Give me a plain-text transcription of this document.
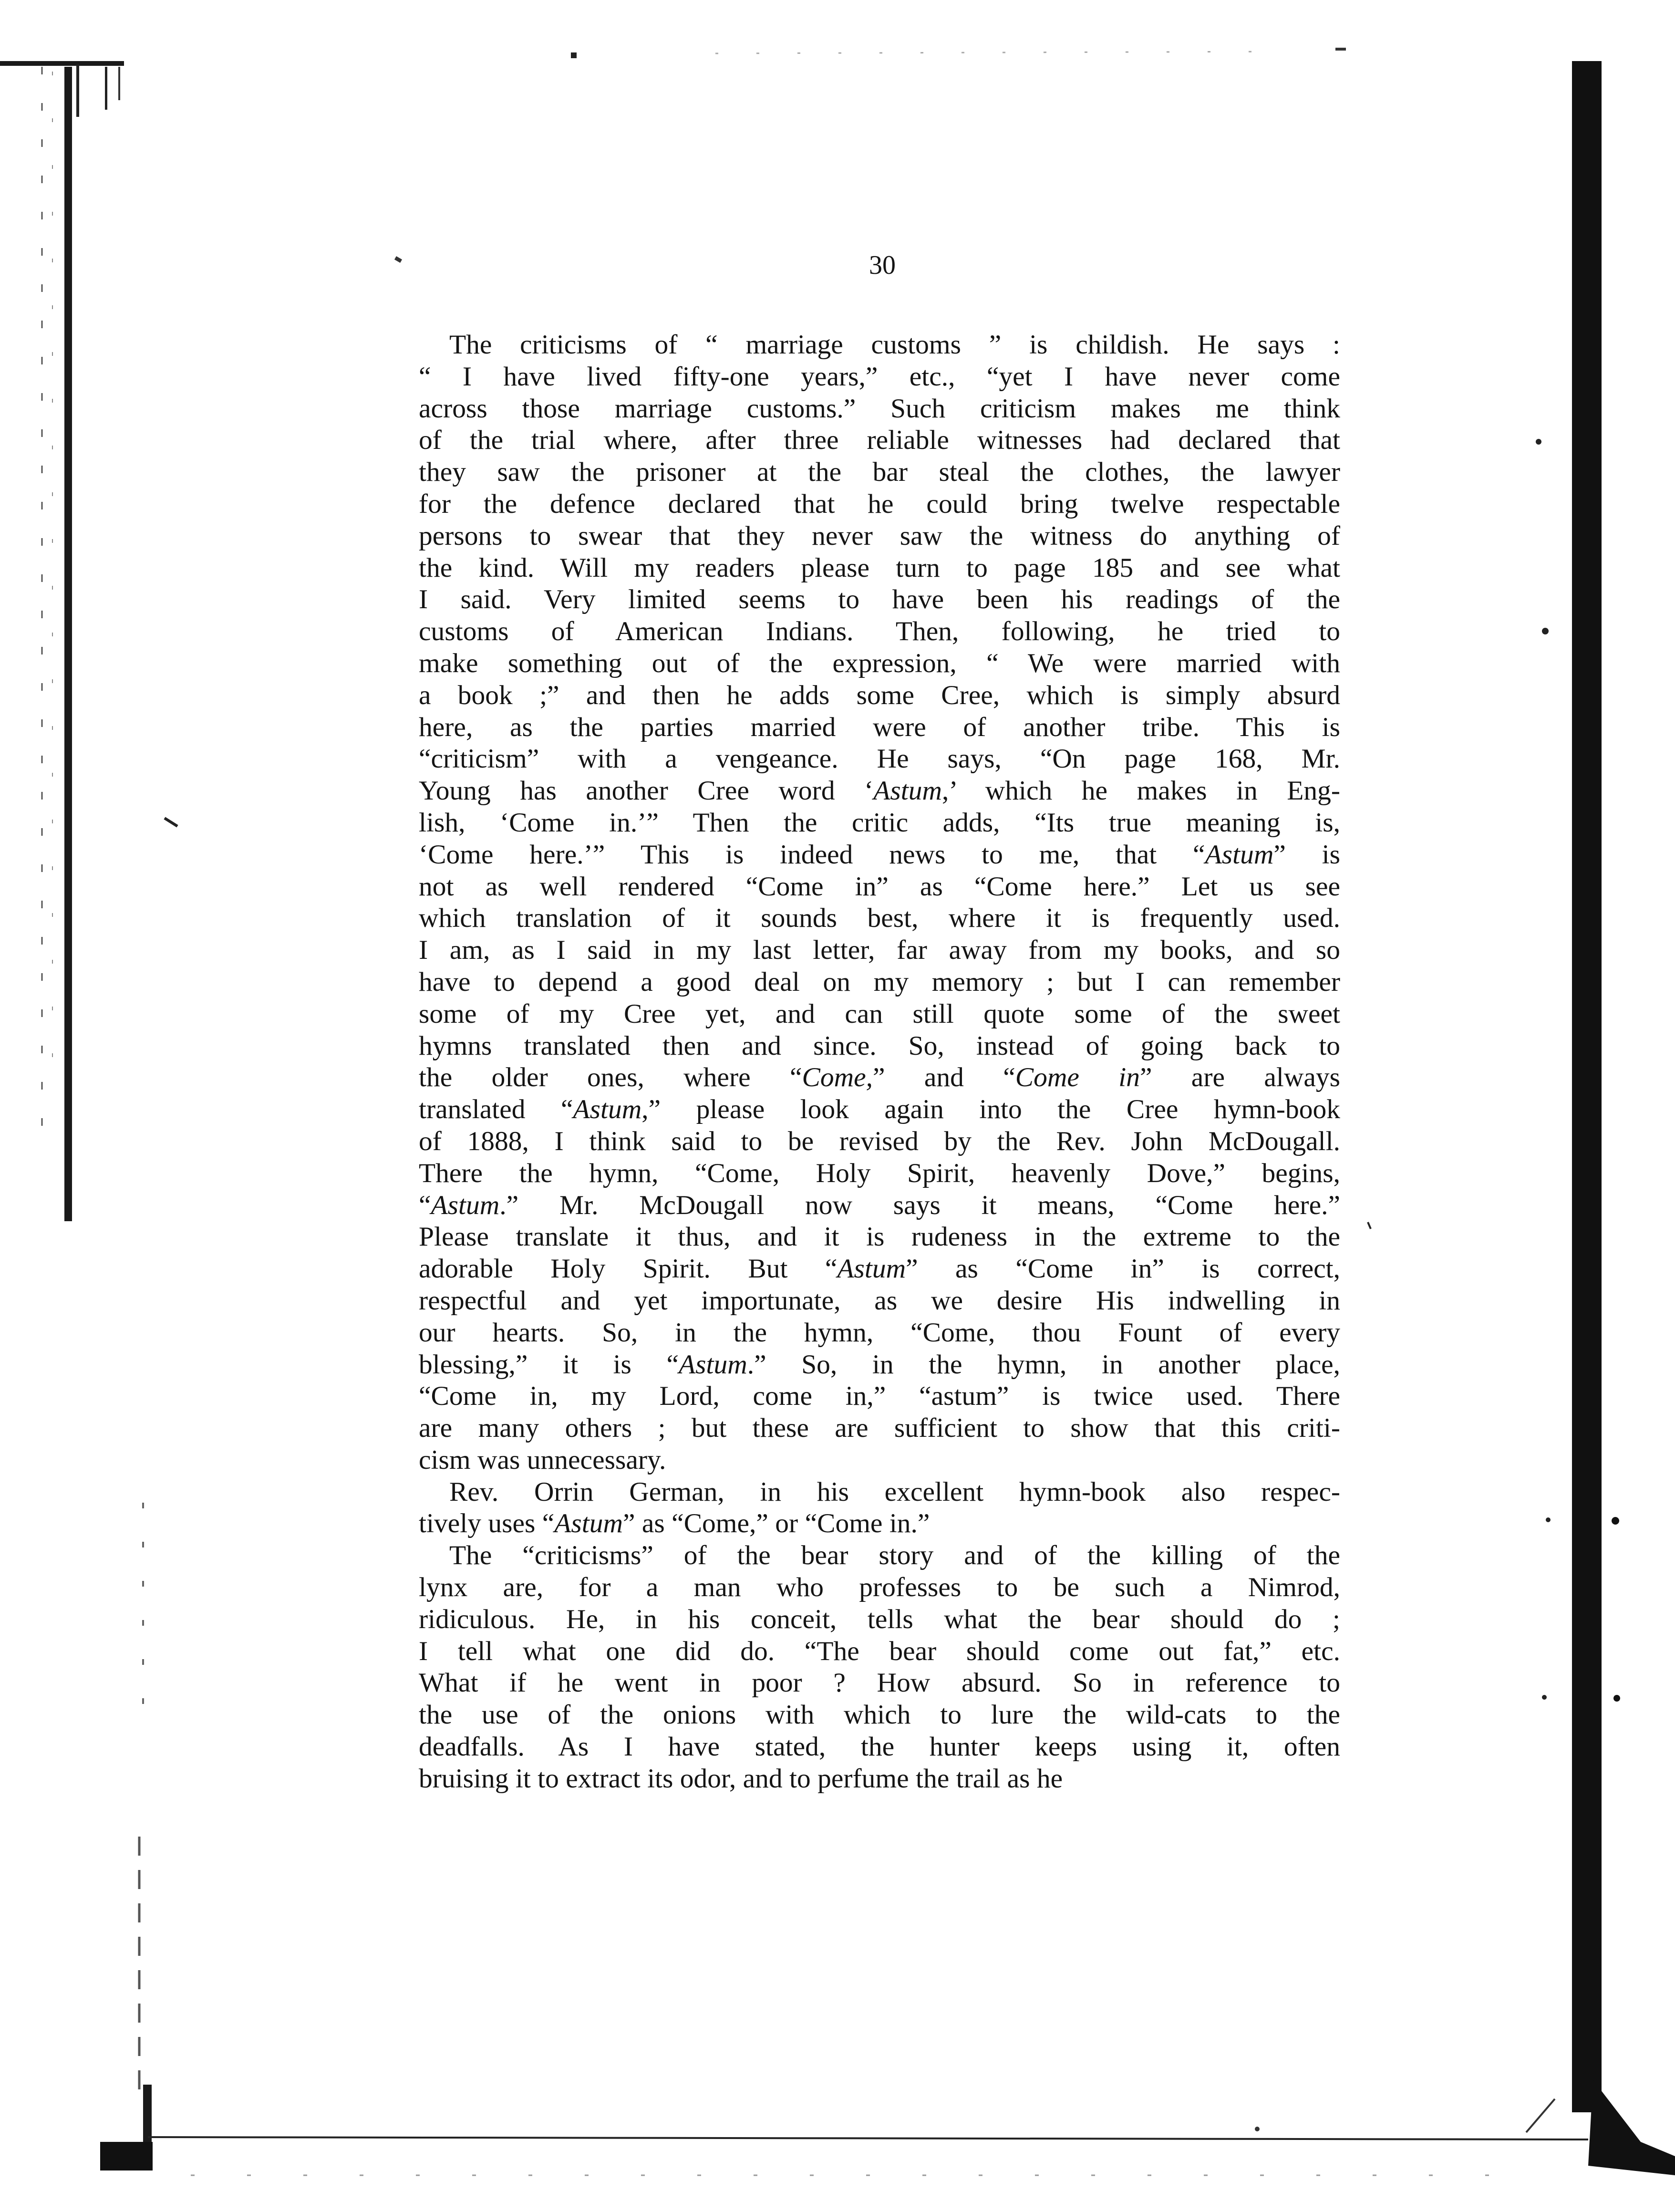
30
The criticisms of “ marriage customs ” is childish. He says :
“ I have lived fifty-one years,” etc., “yet I have never come
across those marriage customs.” Such criticism makes me think
of the trial where, after three reliable witnesses had declared that
they saw the prisoner at the bar steal the clothes, the lawyer
for the defence declared that he could bring twelve respectable
persons to swear that they never saw the witness do anything of
the kind. Will my readers please turn to page 185 and see what
I said. Very limited seems to have been his readings of the
customs of American Indians. Then, following, he tried to
make something out of the expression, “ We were married with
a book ;” and then he adds some Cree, which is simply absurd
here, as the parties married were of another tribe. This is
“criticism” with a vengeance. He says, “On page 168, Mr.
Young has another Cree word ‘Astum,’ which he makes in Eng-
lish, ‘Come in.’” Then the critic adds, “Its true meaning is,
‘Come here.’” This is indeed news to me, that “Astum” is
not as well rendered “Come in” as “Come here.” Let us see
which translation of it sounds best, where it is frequently used.
I am, as I said in my last letter, far away from my books, and so
have to depend a good deal on my memory ; but I can remember
some of my Cree yet, and can still quote some of the sweet
hymns translated then and since. So, instead of going back to
the older ones, where “Come,” and “Come in” are always
translated “Astum,” please look again into the Cree hymn-book
of 1888, I think said to be revised by the Rev. John McDougall.
There the hymn, “Come, Holy Spirit, heavenly Dove,” begins,
“Astum.” Mr. McDougall now says it means, “Come here.”
Please translate it thus, and it is rudeness in the extreme to the
adorable Holy Spirit. But “Astum” as “Come in” is correct,
respectful and yet importunate, as we desire His indwelling in
our hearts. So, in the hymn, “Come, thou Fount of every
blessing,” it is “Astum.” So, in the hymn, in another place,
“Come in, my Lord, come in,” “astum” is twice used. There
are many others ; but these are sufficient to show that this criti-
cism was unnecessary.
Rev. Orrin German, in his excellent hymn-book also respec-
tively uses “Astum” as “Come,” or “Come in.”
The “criticisms” of the bear story and of the killing of the
lynx are, for a man who professes to be such a Nimrod,
ridiculous. He, in his conceit, tells what the bear should do ;
I tell what one did do. “The bear should come out fat,” etc.
What if he went in poor ? How absurd. So in reference to
the use of the onions with which to lure the wild-cats to the
deadfalls. As I have stated, the hunter keeps using it, often
bruising it to extract its odor, and to perfume the trail as he
